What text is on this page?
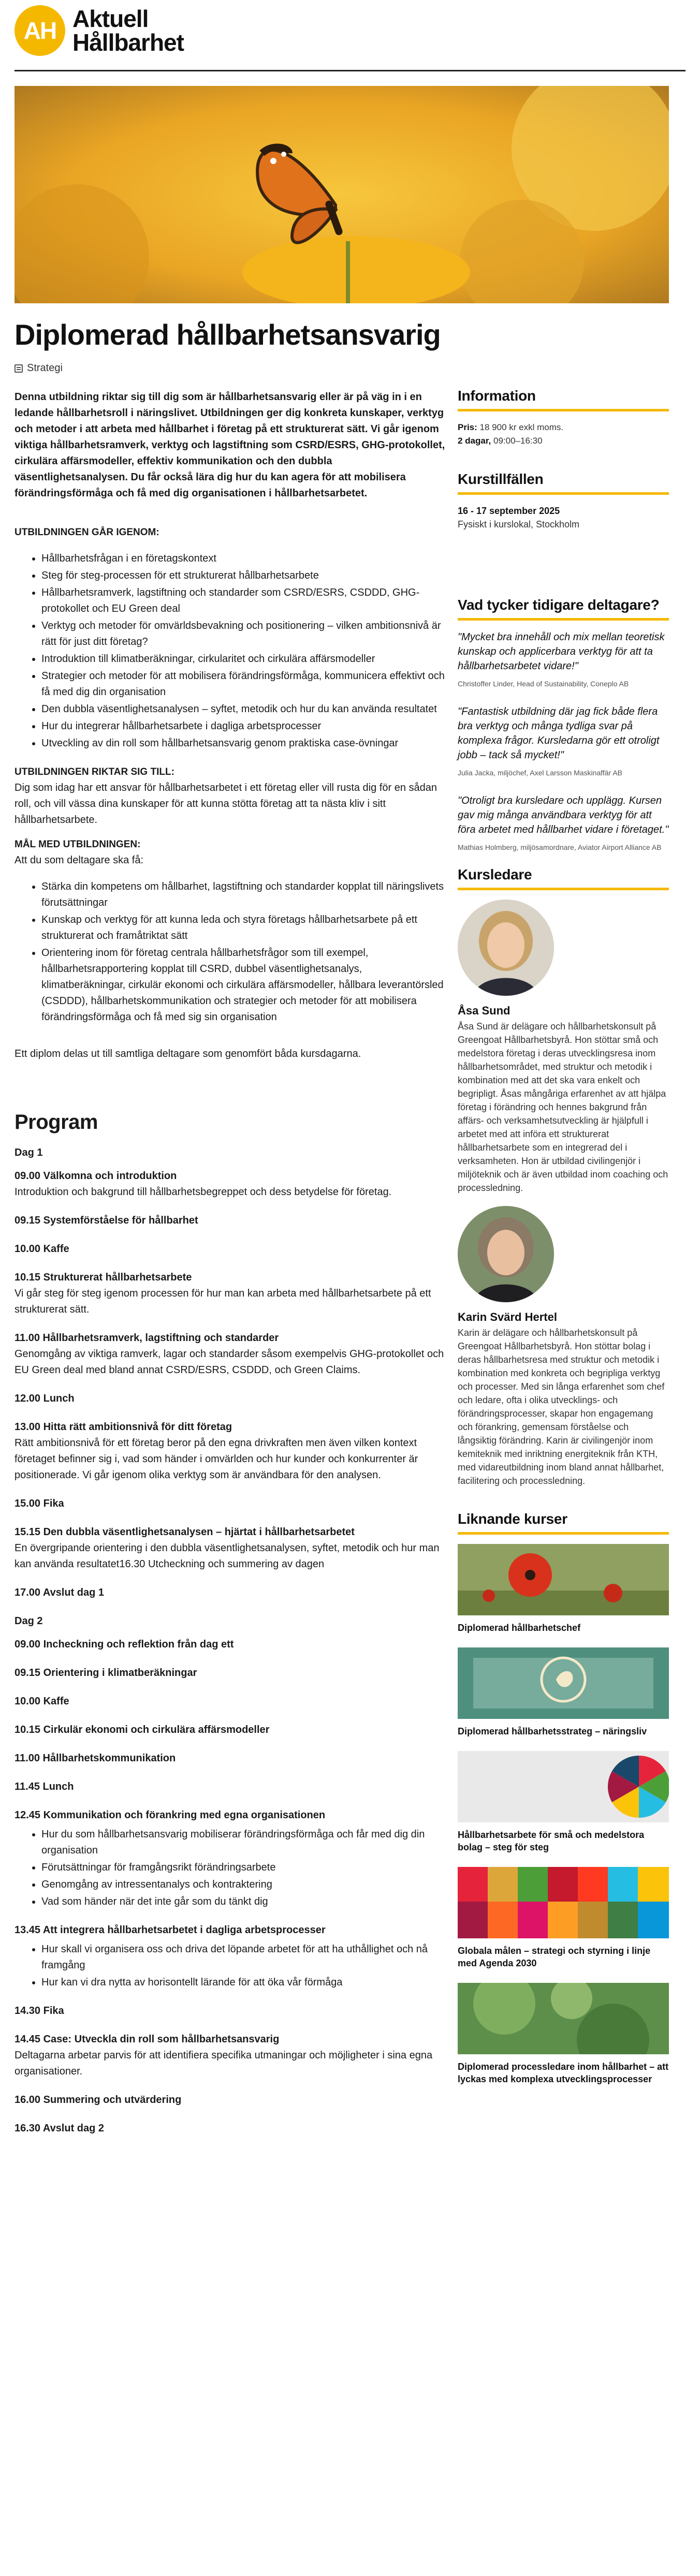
AH Aktuell
Hållbarhet
Diplomerad hållbarhetsansvarig
Strategi

Denna utbildning riktar sig till dig som är hållbarhetsansvarig eller är på väg in i en ledande hållbarhetsroll i näringslivet. Utbildningen ger dig konkreta kunskaper, verktyg och metoder i att arbeta med hållbarhet i företag på ett strukturerat sätt. Vi går igenom viktiga hållbarhetsramverk, verktyg och lagstiftning som CSRD/ESRS, GHG-protokollet, cirkulära affärsmodeller, effektiv kommunikation och den dubbla väsentlighetsanalysen. Du får också lära dig hur du kan agera för att mobilisera förändringsförmåga och få med dig organisationen i hållbarhetsarbetet.

UTBILDNINGEN GÅR IGENOM:

• Hållbarhetsfrågan i en företagskontext
• Steg för steg-processen för ett strukturerat hållbarhetsarbete
• Hållbarhetsramverk, lagstiftning och standarder som CSRD/ESRS, CSDDD, GHG-protokollet och EU Green deal
• Verktyg och metoder för omvärldsbevakning och positionering – vilken ambitionsnivå är rätt för just ditt företag?
• Introduktion till klimatberäkningar, cirkularitet och cirkulära affärsmodeller
• Strategier och metoder för att mobilisera förändringsförmåga, kommunicera effektivt och få med dig din organisation
• Den dubbla väsentlighetsanalysen – syftet, metodik och hur du kan använda resultatet
• Hur du integrerar hållbarhetsarbete i dagliga arbetsprocesser
• Utveckling av din roll som hållbarhetsansvarig genom praktiska case-övningar

UTBILDNINGEN RIKTAR SIG TILL:

Dig som idag har ett ansvar för hållbarhetsarbetet i ett företag eller vill rusta dig för en sådan roll, och vill vässa dina kunskaper för att kunna stötta företag att ta nästa kliv i sitt hållbarhetsarbete.

MÅL MED UTBILDNINGEN:

Att du som deltagare ska få:

• Stärka din kompetens om hållbarhet, lagstiftning och standarder kopplat till näringslivets förutsättningar
• Kunskap och verktyg för att kunna leda och styra företags hållbarhetsarbete på ett strukturerat och framåtriktat sätt
• Orientering inom för företag centrala hållbarhetsfrågor som till exempel, hållbarhetsrapportering kopplat till CSRD, dubbel väsentlighetsanalys, klimatberäkningar, cirkulär ekonomi och cirkulära affärsmodeller, hållbara leverantörsled (CSDDD), hållbarhetskommunikation och strategier och metoder för att mobilisera förändringsförmåga och få med sig sin organisation

Ett diplom delas ut till samtliga deltagare som genomfört båda kursdagarna.

Program

Dag 1

09.00 Välkomna och introduktion
Introduktion och bakgrund till hållbarhetsbegreppet och dess betydelse för företag.
09.15 Systemförståelse för hållbarhet
10.00 Kaffe
10.15 Strukturerat hållbarhetsarbete
Vi går steg för steg igenom processen för hur man kan arbeta med hållbarhetsarbete på ett strukturerat sätt.
11.00 Hållbarhetsramverk, lagstiftning och standarder
Genomgång av viktiga ramverk, lagar och standarder såsom exempelvis GHG-protokollet och EU Green deal med bland annat CSRD/ESRS, CSDDD, och Green Claims.
12.00 Lunch
13.00 Hitta rätt ambitionsnivå för ditt företag
Rätt ambitionsnivå för ett företag beror på den egna drivkraften men även vilken kontext företaget befinner sig i, vad som händer i omvärlden och hur kunder och konkurrenter är positionerade. Vi går igenom olika verktyg som är användbara för den analysen.
15.00 Fika
15.15 Den dubbla väsentlighetsanalysen – hjärtat i hållbarhetsarbetet
En övergripande orientering i den dubbla väsentlighetsanalysen, syftet, metodik och hur man kan använda resultatet16.30 Utcheckning och summering av dagen
17.00 Avslut dag 1

Dag 2

09.00 Incheckning och reflektion från dag ett
09.15 Orientering i klimatberäkningar
10.00 Kaffe
10.15 Cirkulär ekonomi och cirkulära affärsmodeller
11.00 Hållbarhetskommunikation
11.45 Lunch
12.45 Kommunikation och förankring med egna organisationen
• Hur du som hållbarhetsansvarig mobiliserar förändringsförmåga och får med dig din organisation
• Förutsättningar för framgångsrikt förändringsarbete
• Genomgång av intressentanalys och kontraktering
• Vad som händer när det inte går som du tänkt dig
13.45 Att integrera hållbarhetsarbetet i dagliga arbetsprocesser
• Hur skall vi organisera oss och driva det löpande arbetet för att ha uthållighet och nå framgång
• Hur kan vi dra nytta av horisontellt lärande för att öka vår förmåga
14.30 Fika
14.45 Case: Utveckla din roll som hållbarhetsansvarig
Deltagarna arbetar parvis för att identifiera specifika utmaningar och möjligheter i sina egna organisationer.
16.00 Summering och utvärdering
16.30 Avslut dag 2
Information

Pris: 18 900 kr exkl moms.

2 dagar, 09:00–16:30

Kurstillfällen

16 - 17 september 2025

Fysiskt i kurslokal, Stockholm

Vad tycker tidigare deltagare?

"Mycket bra innehåll och mix mellan teoretisk kunskap och applicerbara verktyg för att ta hållbarhetsarbetet vidare!"

Christoffer Linder, Head of Sustainability, Coneplo AB

"Fantastisk utbildning där jag fick både flera bra verktyg och många tydliga svar på komplexa frågor. Kursledarna gör ett otroligt jobb – tack så mycket!"

Julia Jacka, miljöchef, Axel Larsson Maskinaffär AB

"Otroligt bra kursledare och upplägg. Kursen gav mig många användbara verktyg för att föra arbetet med hållbarhet vidare i företaget."

Mathias Holmberg, miljösamordnare, Aviator Airport Alliance AB

Kursledare

Åsa Sund

Åsa Sund är delägare och hållbarhetskonsult på Greengoat Hållbarhetsbyrå. Hon stöttar små och medelstora företag i deras utvecklingsresa inom hållbarhetsområdet, med struktur och metodik i kombination med att det ska vara enkelt och begripligt. Åsas mångåriga erfarenhet av att hjälpa företag i förändring och hennes bakgrund från affärs- och verksamhetsutveckling är hjälpfull i arbetet med att införa ett strukturerat hållbarhetsarbete som en integrerad del i verksamheten. Hon är utbildad civilingenjör i miljöteknik och är även utbildad inom coaching och processledning.

Karin Svärd Hertel

Karin är delägare och hållbarhetskonsult på Greengoat Hållbarhetsbyrå. Hon stöttar bolag i deras hållbarhetsresa med struktur och metodik i kombination med konkreta och begripliga verktyg och processer. Med sin långa erfarenhet som chef och ledare, ofta i olika utvecklings- och förändringsprocesser, skapar hon engagemang och förankring, gemensam förståelse och långsiktig förändring. Karin är civilingenjör inom kemiteknik med inriktning energiteknik från KTH, med vidareutbildning inom bland annat hållbarhet, facilitering och processledning.

Liknande kurser

Diplomerad hållbarhetschef

Diplomerad hållbarhetsstrateg – näringsliv

Hållbarhetsarbete för små och medelstora bolag – steg för steg

Globala målen – strategi och styrning i linje med Agenda 2030

Diplomerad processledare inom hållbarhet – att lyckas med komplexa utvecklingsprocesser
